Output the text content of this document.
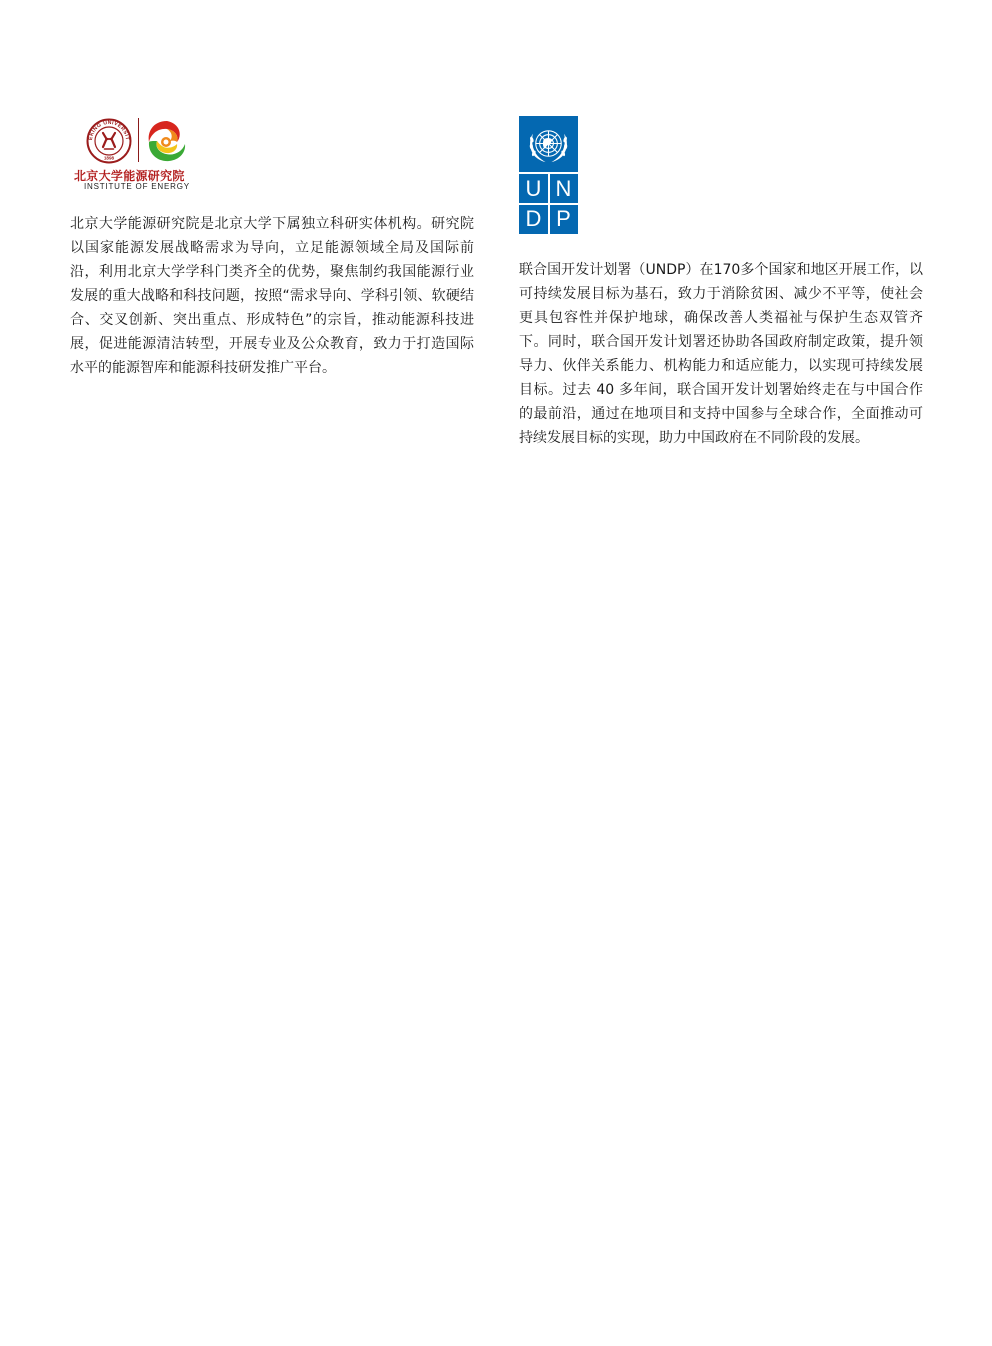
EKING UNIVERSIT
1898
北京大学能源研究院
INSTITUTE OF ENERGY

北京大学能源研究院是北京大学下属独立科研实体机构。研究院以国家能源发展战略需求为导向，立足能源领域全局及国际前沿，利用北京大学学科门类齐全的优势，聚焦制约我国能源行业发展的重大战略和科技问题，按照“需求导向、学科引领、软硬结合、交叉创新、突出重点、形成特色”的宗旨，推动能源科技进展，促进能源清洁转型，开展专业及公众教育，致力于打造国际水平的能源智库和能源科技研发推广平台。

U N
D P

联合国开发计划署（UNDP）在170多个国家和地区开展工作，以可持续发展目标为基石，致力于消除贫困、减少不平等，使社会更具包容性并保护地球，确保改善人类福祉与保护生态双管齐下。同时，联合国开发计划署还协助各国政府制定政策，提升领导力、伙伴关系能力、机构能力和适应能力，以实现可持续发展目标。过去 40 多年间，联合国开发计划署始终走在与中国合作的最前沿，通过在地项目和支持中国参与全球合作，全面推动可持续发展目标的实现，助力中国政府在不同阶段的发展。
